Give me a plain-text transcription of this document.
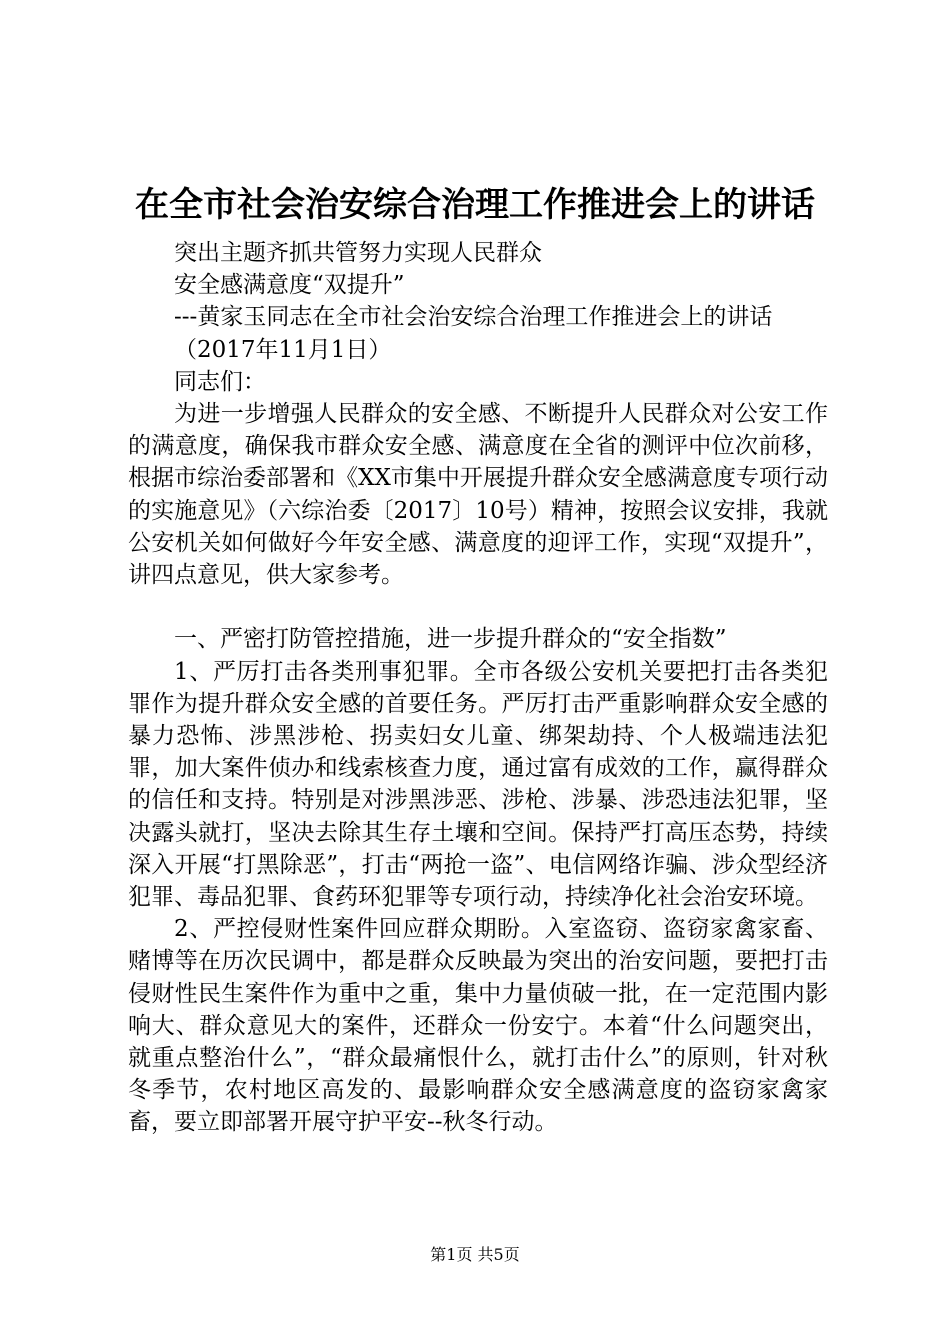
在全市社会治安综合治理工作推进会上的讲话

突出主题齐抓共管努力实现人民群众

安全感满意度“双提升”

---黄家玉同志在全市社会治安综合治理工作推进会上的讲话

（2017年11月1日）

同志们：

为进一步增强人民群众的安全感、不断提升人民群众对公安工作的满意度，确保我市群众安全感、满意度在全省的测评中位次前移，根据市综治委部署和《XX市集中开展提升群众安全感满意度专项行动的实施意见》（六综治委〔2017〕10号）精神，按照会议安排，我就公安机关如何做好今年安全感、满意度的迎评工作，实现“双提升”，讲四点意见，供大家参考。

一、严密打防管控措施，进一步提升群众的“安全指数”

1、严厉打击各类刑事犯罪。全市各级公安机关要把打击各类犯罪作为提升群众安全感的首要任务。严厉打击严重影响群众安全感的暴力恐怖、涉黑涉枪、拐卖妇女儿童、绑架劫持、个人极端违法犯罪，加大案件侦办和线索核查力度，通过富有成效的工作，赢得群众的信任和支持。特别是对涉黑涉恶、涉枪、涉暴、涉恐违法犯罪，坚决露头就打，坚决去除其生存土壤和空间。保持严打高压态势，持续深入开展“打黑除恶”，打击“两抢一盗”、电信网络诈骗、涉众型经济犯罪、毒品犯罪、食药环犯罪等专项行动，持续净化社会治安环境。

2、严控侵财性案件回应群众期盼。入室盗窃、盗窃家禽家畜、赌博等在历次民调中，都是群众反映最为突出的治安问题，要把打击侵财性民生案件作为重中之重，集中力量侦破一批，在一定范围内影响大、群众意见大的案件，还群众一份安宁。本着“什么问题突出，就重点整治什么”，“群众最痛恨什么，就打击什么”的原则，针对秋冬季节，农村地区高发的、最影响群众安全感满意度的盗窃家禽家畜，要立即部署开展守护平安--秋冬行动。

第1页 共5页
